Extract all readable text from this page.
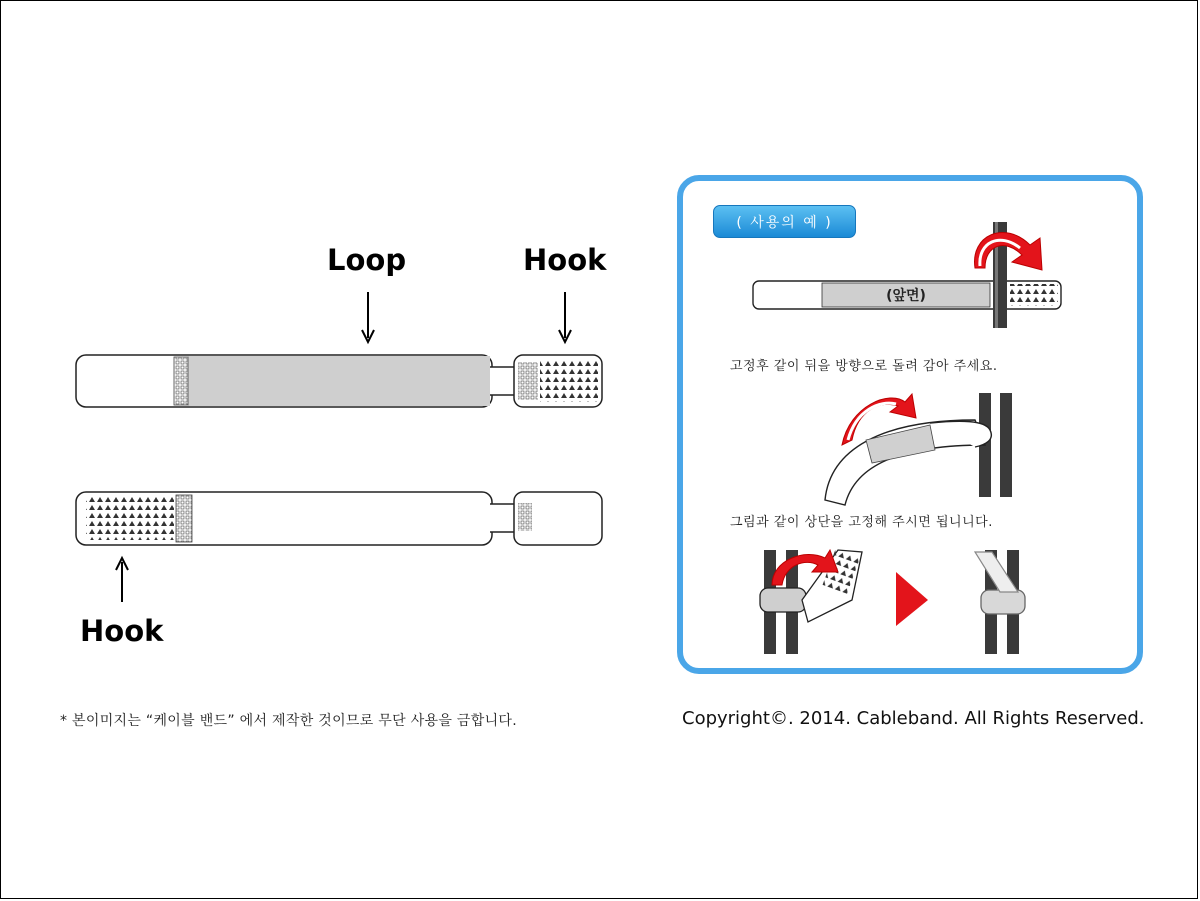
Loop	Hook
Hook
( 사용의 예 )
(앞면)
고정후 같이 뒤을 방향으로 돌려 감아 주세요.
그림과 같이 상단을 고정해 주시면 됩니니다.
* 본이미지는 “케이블 밴드” 에서 제작한 것이므로 무단 사용을 금합니다.	Copyright©. 2014. Cableband. All Rights Reserved.
